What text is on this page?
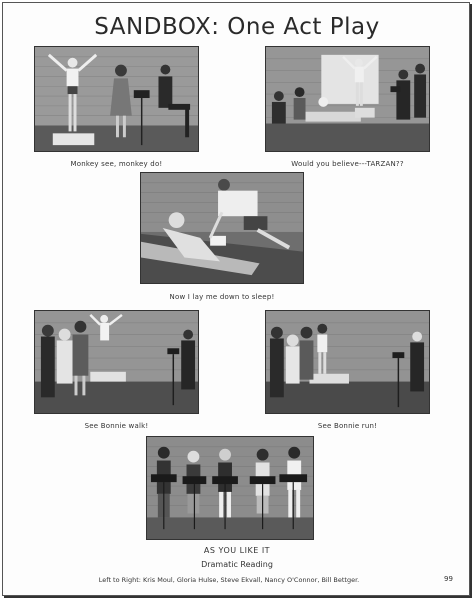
SANDBOX: One Act Play
Monkey see, monkey do!	Would you believe---TARZAN??
Now I lay me down to sleep!
See Bonnie walk!	See Bonnie run!
AS YOU LIKE IT
Dramatic Reading
Left to Right: Kris Moul, Gloria Hulse, Steve Ekvall, Nancy O'Connor, Bill Bettger.	99
